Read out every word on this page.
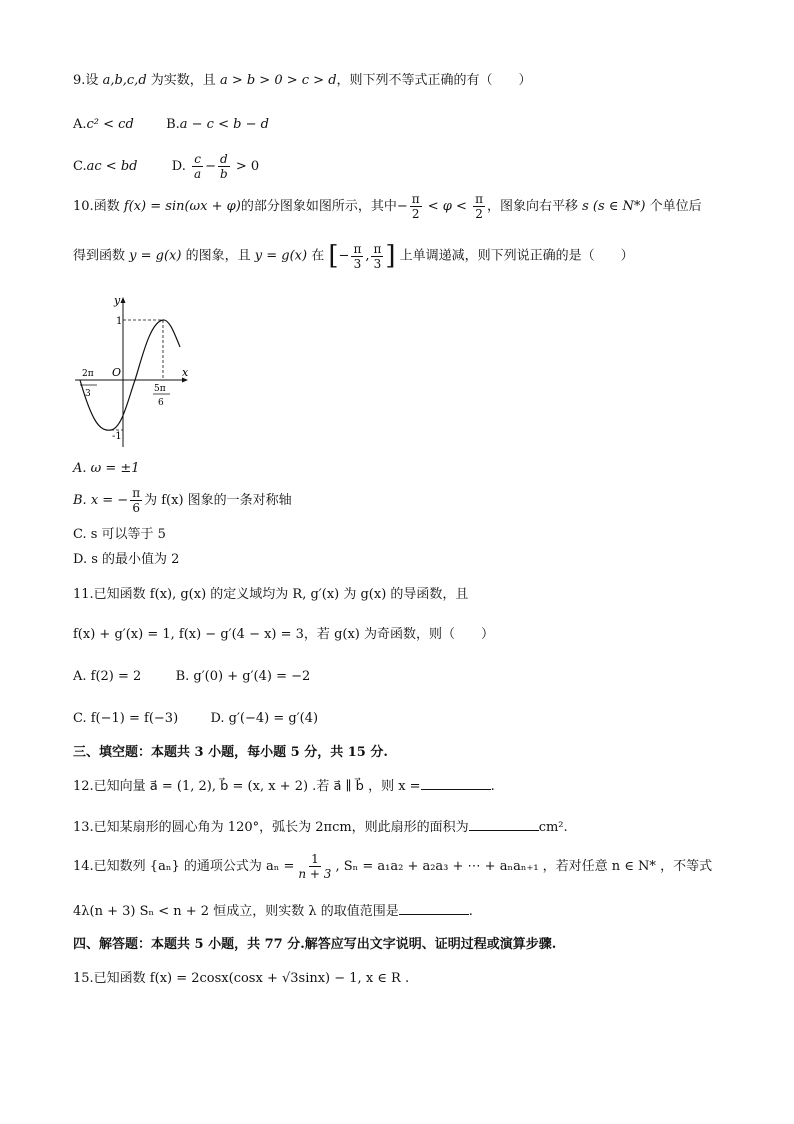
9.设 a,b,c,d 为实数，且 a > b > 0 > c > d，则下列不等式正确的有（　　）
A.c² < cd B.a − c < b − d
C.ac < bd	D. $\frac{c}{a} - \frac{d}{b} > 0$
10.函数 f(x) = sin(ωx + φ)的部分图象如图所示，其中− $\frac{\pi}{2} < \varphi < \frac{\pi}{2}$ ，图象向右平移 s (s ∈ N*) 个单位后
得到函数 y = g(x) 的图象，且 y = g(x) 在 [− $\frac{\pi}{3}$ , $\frac{\pi}{3}$ ] 上单调递减，则下列说正确的是（　　）
y
x
O
1
-1
2π
3	5π
6
A. ω = ±1
B. x = − $\frac{\pi}{6}$ 为 f(x) 图象的一条对称轴
C. s 可以等于 5
D. s 的最小值为 2
11.已知函数 f(x), g(x) 的定义域均为 R, g′(x) 为 g(x) 的导函数，且
f(x) + g′(x) = 1, f(x) − g′(4 − x) = 3，若 g(x) 为奇函数，则（　　）
A. f(2) = 2	B. g′(0) + g′(4) = −2
C. f(−1) = f(−3) D. g′(−4) = g′(4)
三、填空题：本题共 3 小题，每小题 5 分，共 15 分.
12.已知向量 a⃗ = (1, 2), b⃗ = (x, x + 2) .若 a⃗ ∥ b⃗ ，则 x =	.
13.已知某扇形的圆心角为 120°，弧长为 2πcm，则此扇形的面积为	cm².
14.已知数列 {aₙ} 的通项公式为 $a_n = \frac{1}{n + 3}$ , Sₙ = a₁a₂ + a₂a₃ + ⋯ + aₙaₙ₊₁ ，若对任意 n ∈ N* ，不等式
4λ(n + 3) Sₙ < n + 2 恒成立，则实数 λ 的取值范围是	.
四、解答题：本题共 5 小题，共 77 分.解答应写出文字说明、证明过程或演算步骤.
15.已知函数 f(x) = 2cosx(cosx + √3sinx) − 1, x ∈ R .
